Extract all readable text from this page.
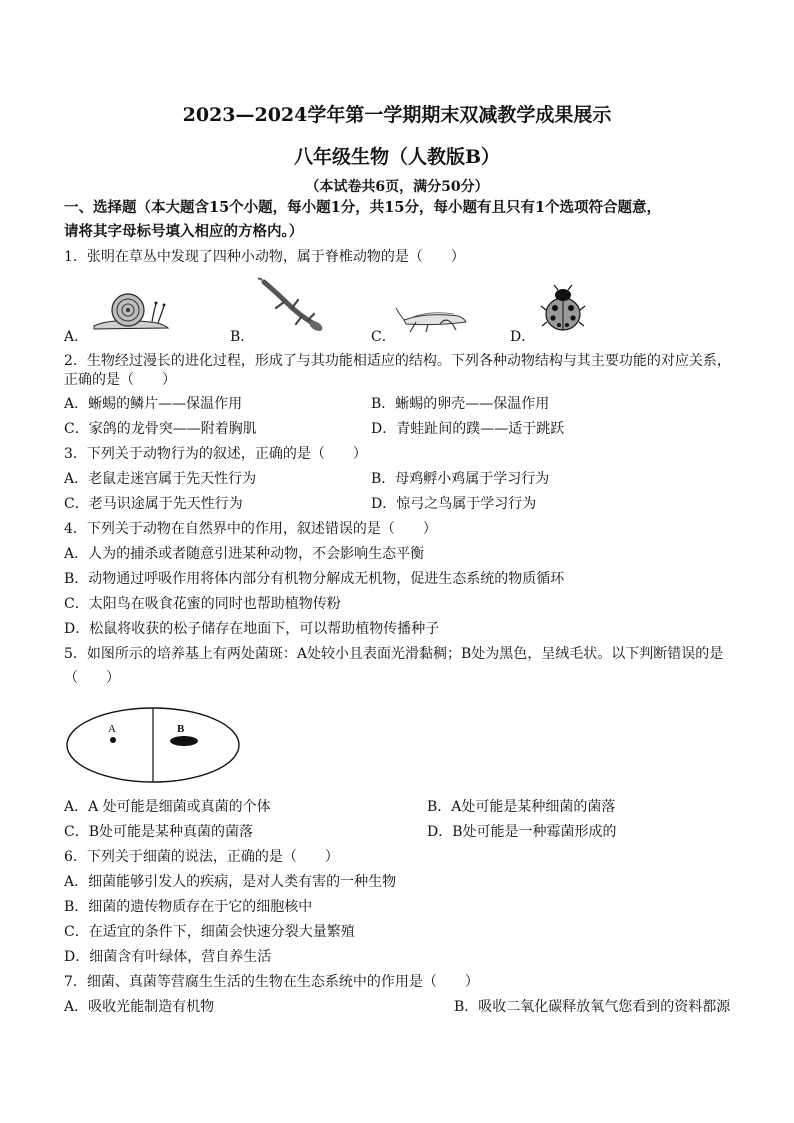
2023—2024学年第一学期期末双减教学成果展示
八年级生物（人教版B）
（本试卷共6页，满分50分）
一、选择题（本大题含15个小题，每小题1分，共15分，每小题有且只有1个选项符合题意，
请将其字母标号填入相应的方格内。）
1．张明在草丛中发现了四种小动物，属于脊椎动物的是（　　）
A．	B．	C．	D．
2．生物经过漫长的进化过程，形成了与其功能相适应的结构。下列各种动物结构与其主要功能的对应关系，
正确的是（　　）
A．蜥蜴的鳞片——保温作用	B．蜥蜴的卵壳——保温作用
C．家鸽的龙骨突——附着胸肌	D．青蛙趾间的蹼——适于跳跃
3．下列关于动物行为的叙述，正确的是（　　）
A．老鼠走迷宫属于先天性行为	B．母鸡孵小鸡属于学习行为
C．老马识途属于先天性行为	D．惊弓之鸟属于学习行为
4．下列关于动物在自然界中的作用，叙述错误的是（　　）
A．人为的捕杀或者随意引进某种动物，不会影响生态平衡
B．动物通过呼吸作用将体内部分有机物分解成无机物，促进生态系统的物质循环
C．太阳鸟在吸食花蜜的同时也帮助植物传粉
D．松鼠将收获的松子储存在地面下，可以帮助植物传播种子
5．如图所示的培养基上有两处菌斑：A处较小且表面光滑黏稠；B处为黑色，呈绒毛状。以下判断错误的是
（　　）
A	B
A．A 处可能是细菌或真菌的个体	B．A处可能是某种细菌的菌落
C．B处可能是某种真菌的菌落	D．B处可能是一种霉菌形成的
6．下列关于细菌的说法，正确的是（　　）
A．细菌能够引发人的疾病，是对人类有害的一种生物
B．细菌的遗传物质存在于它的细胞核中
C．在适宜的条件下，细菌会快速分裂大量繁殖
D．细菌含有叶绿体，营自养生活
7．细菌、真菌等营腐生生活的生物在生态系统中的作用是（　　）
A．吸收光能制造有机物	B．吸收二氧化碳释放氧气您看到的资料都源
